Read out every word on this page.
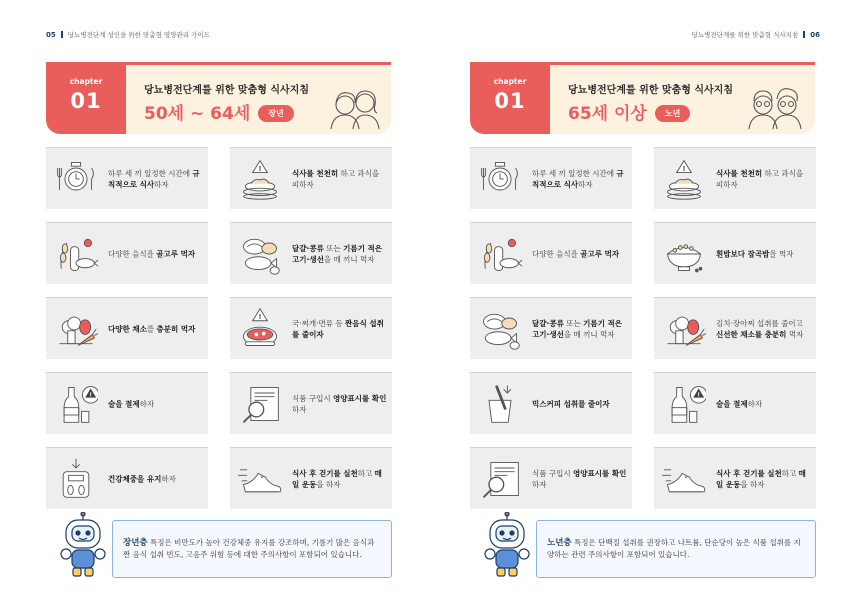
05 당뇨병전단계 성인을 위한 맞춤형 영양관리 가이드
chapter
01	당뇨병전단계를 위한 맞춤형 식사지침
50세 ~ 64세 장년
하루 세 끼 일정한 시간에 규칙적으로 식사하자
!
식사를 천천히 하고 과식을 피하자
다양한 음식을 골고루 먹자
달걀·콩류 또는 기름기 적은 고기·생선을 매 끼니 먹자
다양한 채소를 충분히 먹자
!
국·찌개·면류 등 짠음식 섭취를 줄이자
!
술을 절제하자
식품 구입시 영양표시를 확인하자
건강체중을 유지하자
식사 후 걷기를 실천하고 매일 운동을 하자
장년층 특징은 비만도가 높아 건강체중 유지를 강조하며, 기름기 많은 음식과 짠 음식 섭취 빈도, 고음주 위험 등에 대한 주의사항이 포함되어 있습니다.
당뇨병전단계를 위한 맞춤형 식사지침 06
chapter
01	당뇨병전단계를 위한 맞춤형 식사지침
65세 이상 노년
하루 세 끼 일정한 시간에 규칙적으로 식사하자
!
식사를 천천히 하고 과식을 피하자
다양한 음식을 골고루 먹자	흰밥보다 잡곡밥을 먹자
달걀·콩류 또는 기름기 적은 고기·생선을 매 끼니 먹자
김치·장아찌 섭취를 줄이고 신선한 채소를 충분히 먹자
믹스커피 섭취를 줄이자
!
술을 절제하자
식품 구입시 영양표시를 확인하자
식사 후 걷기를 실천하고 매일 운동을 하자
노년층 특징은 단백질 섭취를 권장하고 나트륨, 단순당이 높은 식품 섭취를 지양하는 관련 주의사항이 포함되어 있습니다.
